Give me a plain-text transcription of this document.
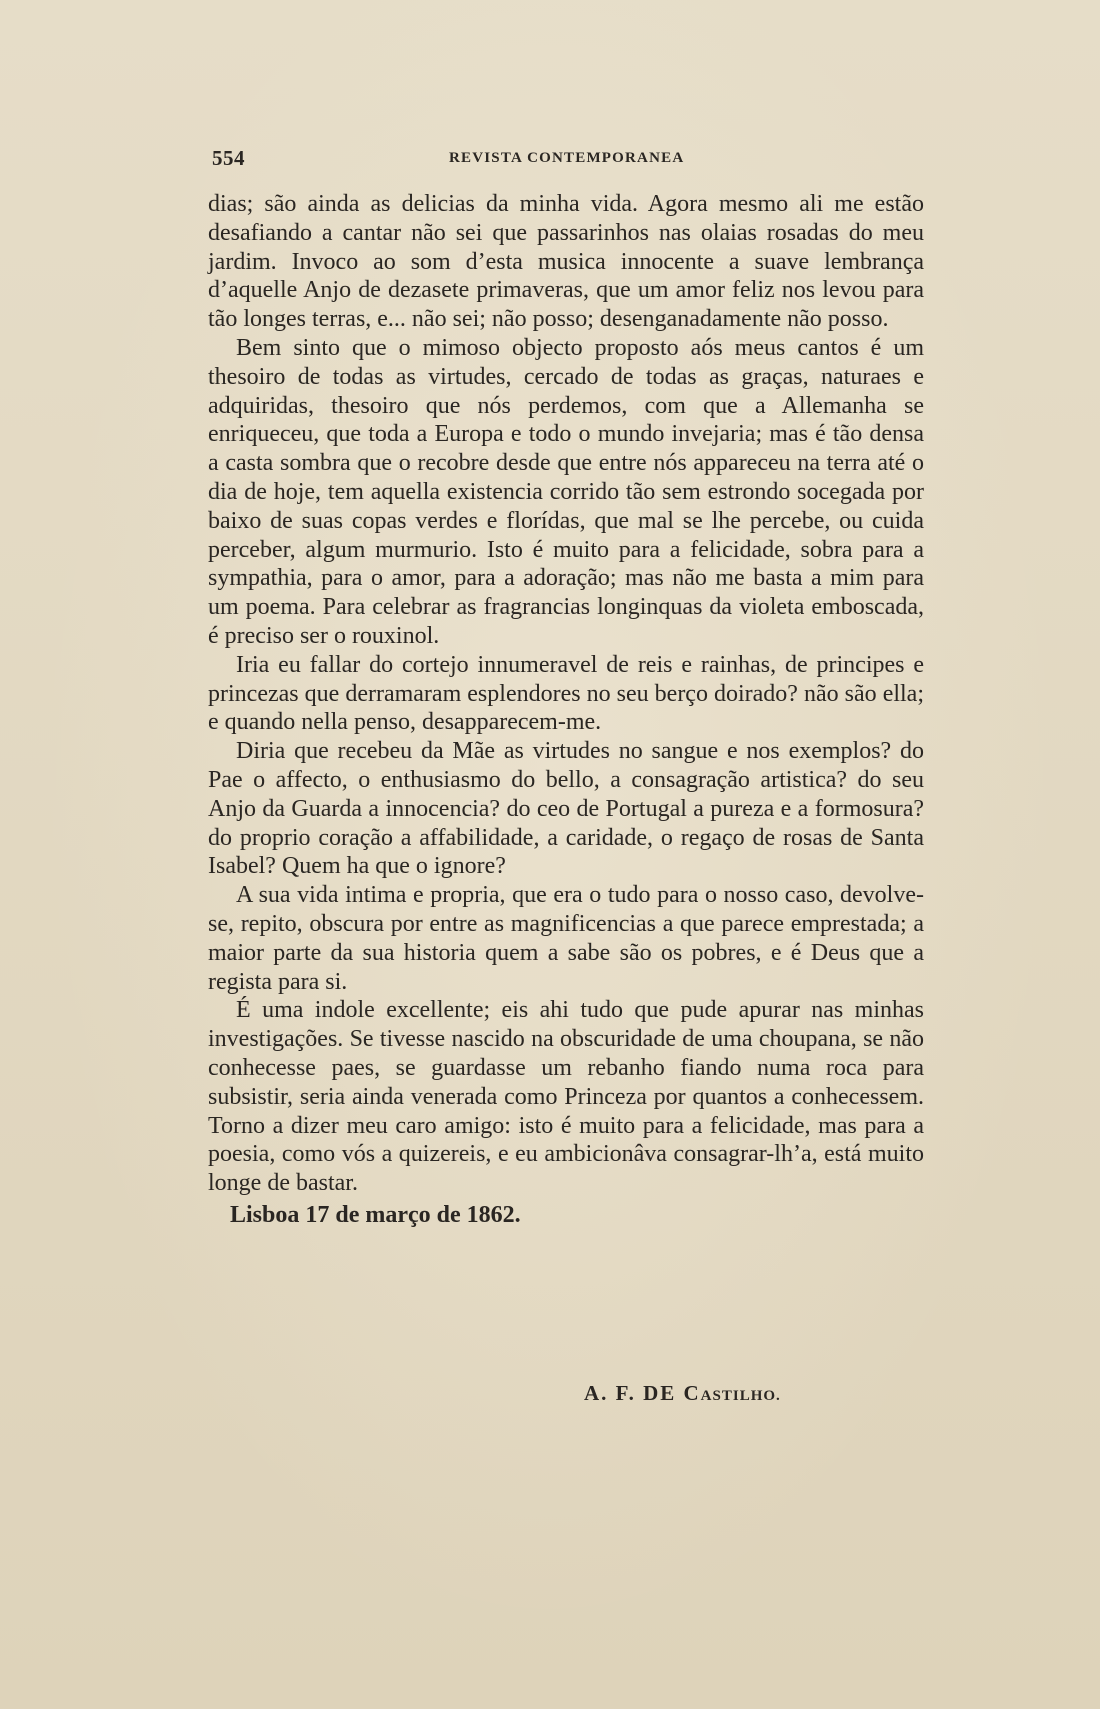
554	REVISTA CONTEMPORANEA

dias; são ainda as delicias da minha vida. Agora mesmo ali me estão desafiando a cantar não sei que passarinhos nas olaias rosadas do meu jardim. Invoco ao som d’esta musica innocente a suave lembrança d’aquelle Anjo de dezasete primaveras, que um amor feliz nos levou para tão longes terras, e... não sei; não posso; desenganadamente não posso.

Bem sinto que o mimoso objecto proposto aós meus cantos é um thesoiro de todas as virtudes, cercado de todas as graças, naturaes e adquiridas, thesoiro que nós perdemos, com que a Allemanha se enriqueceu, que toda a Europa e todo o mundo invejaria; mas é tão densa a casta sombra que o recobre desde que entre nós appareceu na terra até o dia de hoje, tem aquella existencia corrido tão sem estrondo socegada por baixo de suas copas verdes e florídas, que mal se lhe percebe, ou cuida perceber, algum murmurio. Isto é muito para a felicidade, sobra para a sympathia, para o amor, para a adoração; mas não me basta a mim para um poema. Para celebrar as fragrancias longinquas da violeta emboscada, é preciso ser o rouxinol.

Iria eu fallar do cortejo innumeravel de reis e rainhas, de principes e princezas que derramaram esplendores no seu berço doirado? não são ella; e quando nella penso, desapparecem-me.

Diria que recebeu da Mãe as virtudes no sangue e nos exemplos? do Pae o affecto, o enthusiasmo do bello, a consagração artistica? do seu Anjo da Guarda a innocencia? do ceo de Portugal a pureza e a formosura? do proprio coração a affabilidade, a caridade, o regaço de rosas de Santa Isabel? Quem ha que o ignore?

A sua vida intima e propria, que era o tudo para o nosso caso, devolve-se, repito, obscura por entre as magnificencias a que parece emprestada; a maior parte da sua historia quem a sabe são os pobres, e é Deus que a regista para si.

É uma indole excellente; eis ahi tudo que pude apurar nas minhas investigações. Se tivesse nascido na obscuridade de uma choupana, se não conhecesse paes, se guardasse um rebanho fiando numa roca para subsistir, seria ainda venerada como Princeza por quantos a conhecessem. Torno a dizer meu caro amigo: isto é muito para a felicidade, mas para a poesia, como vós a quizereis, e eu ambicionâva consagrar-lh’a, está muito longe de bastar.

Lisboa 17 de março de 1862.

A. F. DE CASTILHO.
